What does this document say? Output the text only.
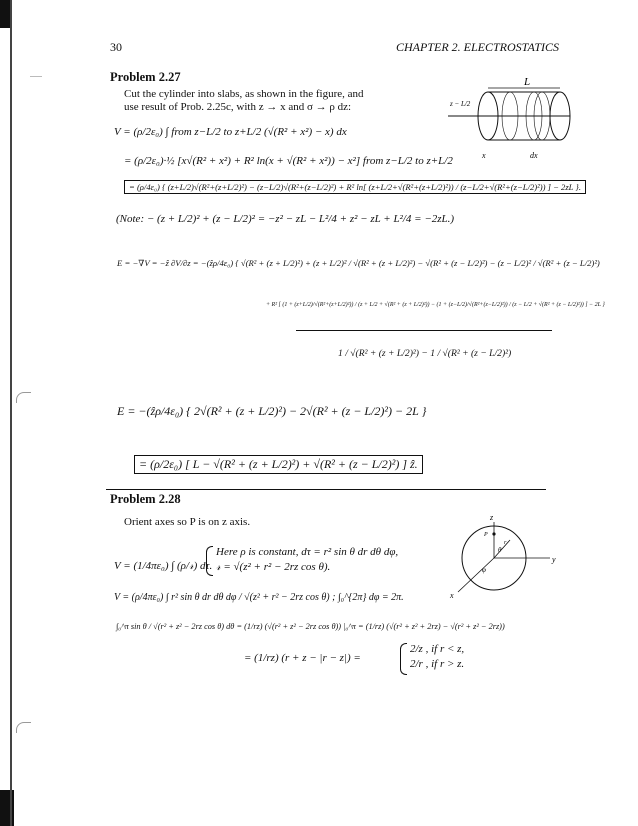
30	CHAPTER 2. ELECTROSTATICS
Problem 2.27
Cut the cylinder into slabs, as shown in the figure, and
use result of Prob. 2.25c, with z → x and σ → ρ dz:
L
z − L/2
x	dx
V = (ρ/2ε₀) ∫ from z−L/2 to z+L/2 (√(R² + x²) − x) dx
= (ρ/2ε₀)·½ [x√(R² + x²) + R² ln(x + √(R² + x²)) − x²] from z−L/2 to z+L/2
= (ρ/4ε₀) { (z+L/2)√(R²+(z+L/2)²) − (z−L/2)√(R²+(z−L/2)²) + R² ln[ (z+L/2+√(R²+(z+L/2)²)) / (z−L/2+√(R²+(z−L/2)²)) ] − 2zL }.
(Note: − (z + L/2)² + (z − L/2)² = −z² − zL − L²/4 + z² − zL + L²/4 = −2zL.)
E = −∇V = −ẑ ∂V/∂z = −(ẑρ/4ε₀) { √(R² + (z + L/2)²) + (z + L/2)² / √(R² + (z + L/2)²) − √(R² + (z − L/2)²) − (z − L/2)² / √(R² + (z − L/2)²)
+ R² [ (1 + (z+L/2)/√(R²+(z+L/2)²)) / (z + L/2 + √(R² + (z + L/2)²)) − (1 + (z−L/2)/√(R²+(z−L/2)²)) / (z − L/2 + √(R² + (z − L/2)²)) ] − 2L }
1 / √(R² + (z + L/2)²) − 1 / √(R² + (z − L/2)²)
E = −(ẑρ/4ε₀) { 2√(R² + (z + L/2)²) − 2√(R² + (z − L/2)²) − 2L }
= (ρ/2ε₀) [ L − √(R² + (z + L/2)²) + √(R² + (z − L/2)²) ] ẑ.
Problem 2.28
Orient axes so P is on z axis.
V = (1/4πε₀) ∫ (ρ/𝓇) dτ.
Here ρ is constant, dτ = r² sin θ dr dθ dφ,
𝓇 = √(z² + r² − 2rz cos θ).
z
P
θ
r
φ
y
x
V = (ρ/4πε₀) ∫ r² sin θ dr dθ dφ / √(z² + r² − 2rz cos θ) ; ∫₀^{2π} dφ = 2π.
∫₀^π sin θ / √(r² + z² − 2rz cos θ) dθ = (1/rz) (√(r² + z² − 2rz cos θ)) |₀^π = (1/rz) (√(r² + z² + 2rz) − √(r² + z² − 2rz))
= (1/rz) (r + z − |r − z|) =
2/z , if r < z,
2/r , if r > z.
